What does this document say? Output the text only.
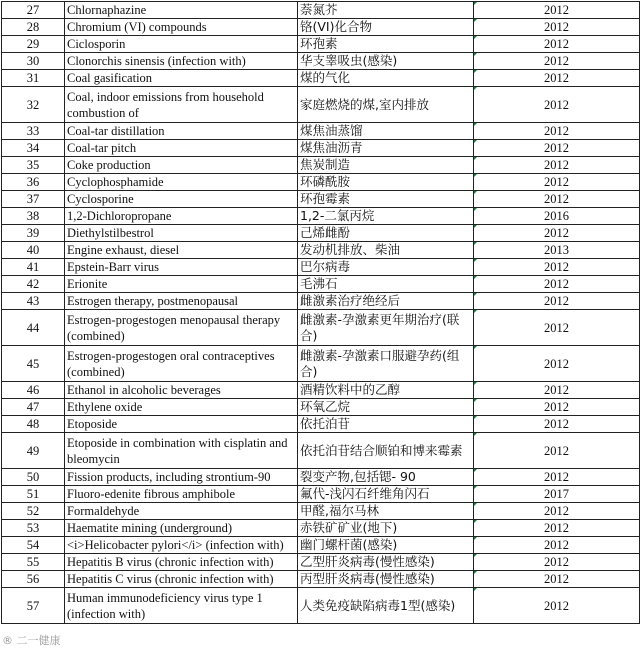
27	Chlornaphazine	萘氮芥	2012
28	Chromium (VI) compounds	铬(VI)化合物	2012
29	Ciclosporin	环孢素	2012
30	Clonorchis sinensis (infection with)	华支睾吸虫(感染)	2012
31	Coal gasification	煤的气化	2012
32	Coal, indoor emissions from household combustion of	家庭燃烧的煤,室内排放	2012
33	Coal-tar distillation	煤焦油蒸馏	2012
34	Coal-tar pitch	煤焦油沥青	2012
35	Coke production	焦炭制造	2012
36	Cyclophosphamide	环磷酰胺	2012
37	Cyclosporine	环孢霉素	2012
38	1,2-Dichloropropane	1,2-二氯丙烷	2016
39	Diethylstilbestrol	己烯雌酚	2012
40	Engine exhaust, diesel	发动机排放、柴油	2013
41	Epstein-Barr virus	巴尔病毒	2012
42	Erionite	毛沸石	2012
43	Estrogen therapy, postmenopausal	雌激素治疗绝经后	2012
44	Estrogen-progestogen menopausal therapy (combined)	雌激素-孕激素更年期治疗(联合)	2012
45	Estrogen-progestogen oral contraceptives (combined)	雌激素-孕激素口服避孕药(组合)	2012
46	Ethanol in alcoholic beverages	酒精饮料中的乙醇	2012
47	Ethylene oxide	环氧乙烷	2012
48	Etoposide	依托泊苷	2012
49	Etoposide in combination with cisplatin and bleomycin	依托泊苷结合顺铂和博来霉素	2012
50	Fission products, including strontium-90	裂变产物,包括锶- 90	2012
51	Fluoro-edenite fibrous amphibole	氟代-浅闪石纤维角闪石	2017
52	Formaldehyde	甲醛,福尔马林	2012
53	Haematite mining (underground)	赤铁矿矿业(地下)	2012
54	<i>Helicobacter pylori</i> (infection with)	幽门螺杆菌(感染)	2012
55	Hepatitis B virus (chronic infection with)	乙型肝炎病毒(慢性感染)	2012
56	Hepatitis C virus (chronic infection with)	丙型肝炎病毒(慢性感染)	2012
57	Human immunodeficiency virus type 1 (infection with)	人类免疫缺陷病毒1型(感染)	2012
® 二一健康
